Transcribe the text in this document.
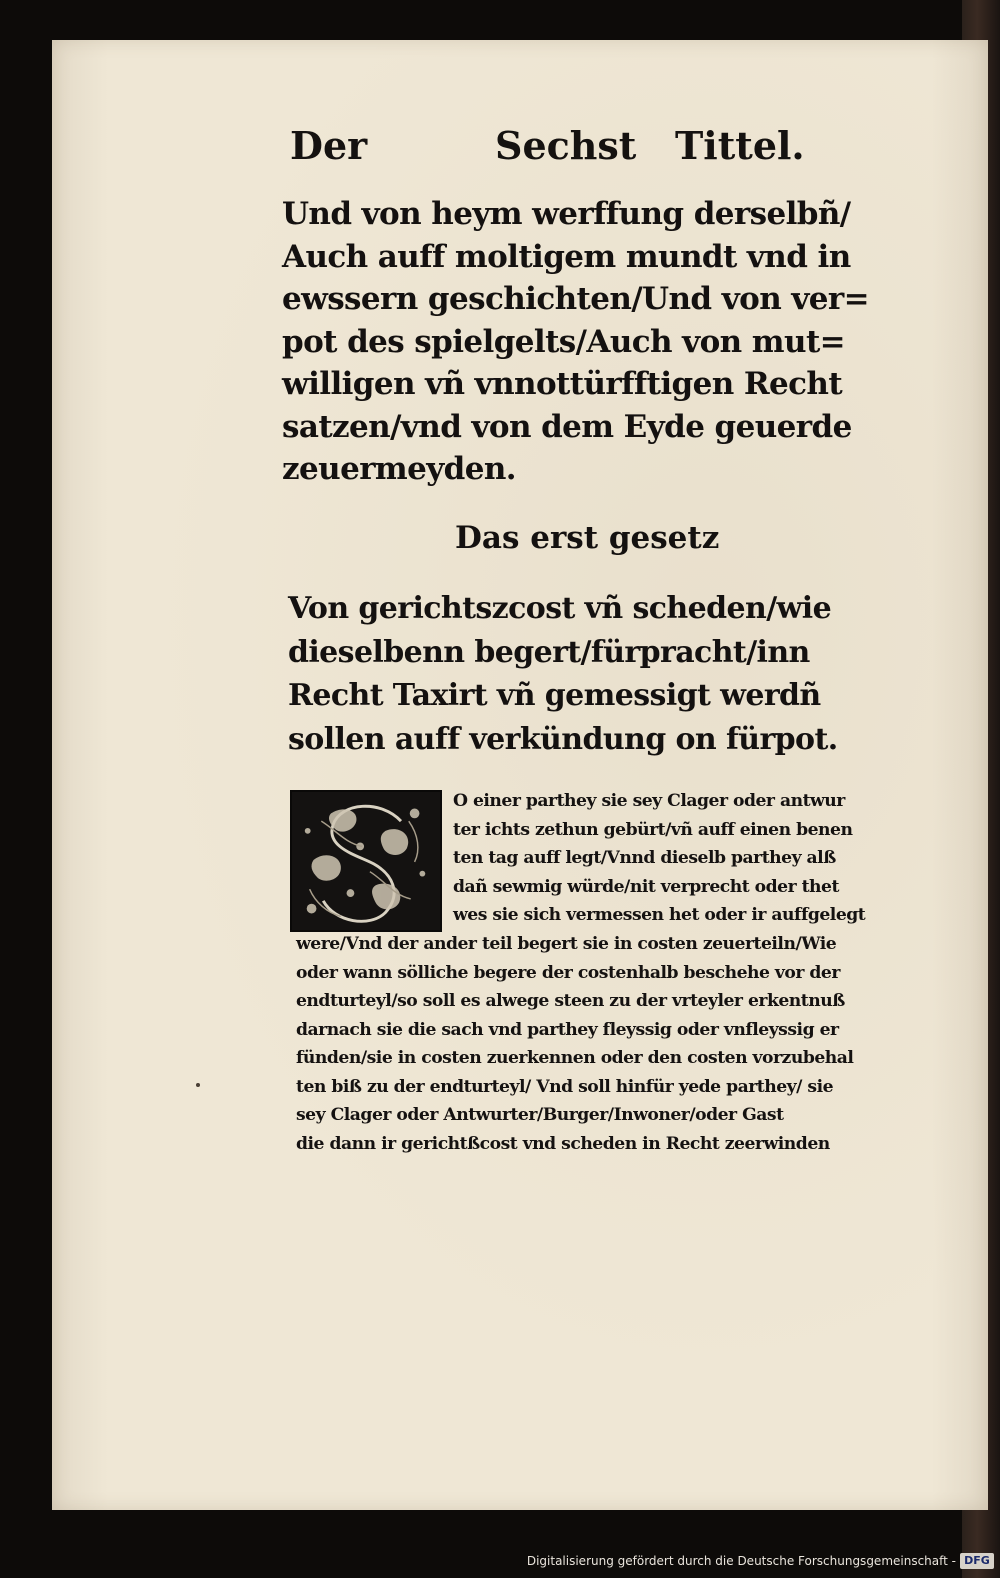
Der	Sechst Tittel.
Und von heym werffung derselbñ/
Auch auff moltigem mundt vnd in
ewssern geschichten/Und von ver=
pot des spielgelts/Auch von mut=
willigen vñ vnnottürfftigen Recht
satzen/vnd von dem Eyde geuerde
zeuermeyden.
Das erst gesetz
Von gerichtszcost vñ scheden/wie
dieselbenn begert/fürpracht/inn
Recht Taxirt vñ gemessigt werdñ
sollen auff verkündung on fürpot.
O einer parthey sie sey Clager oder antwur
ter ichts zethun gebürt/vñ auff einen benen
ten tag auff legt/Vnnd dieselb parthey alß
dañ sewmig würde/nit verprecht oder thet
wes sie sich vermessen het oder ir auffgelegt
were/Vnd der ander teil begert sie in costen zeuerteiln/Wie
oder wann sölliche begere der costenhalb beschehe vor der
endturteyl/so soll es alwege steen zu der vrteyler erkentnuß
darnach sie die sach vnd parthey fleyssig oder vnfleyssig er
fünden/sie in costen zuerkennen oder den costen vorzubehal
ten biß zu der endturteyl/ Vnd soll hinfür yede parthey/ sie
sey Clager oder Antwurter/Burger/Inwoner/oder Gast
die dann ir gerichtßcost vnd scheden in Recht zeerwinden
Digitalisierung gefördert durch die Deutsche Forschungsgemeinschaft - DFG
